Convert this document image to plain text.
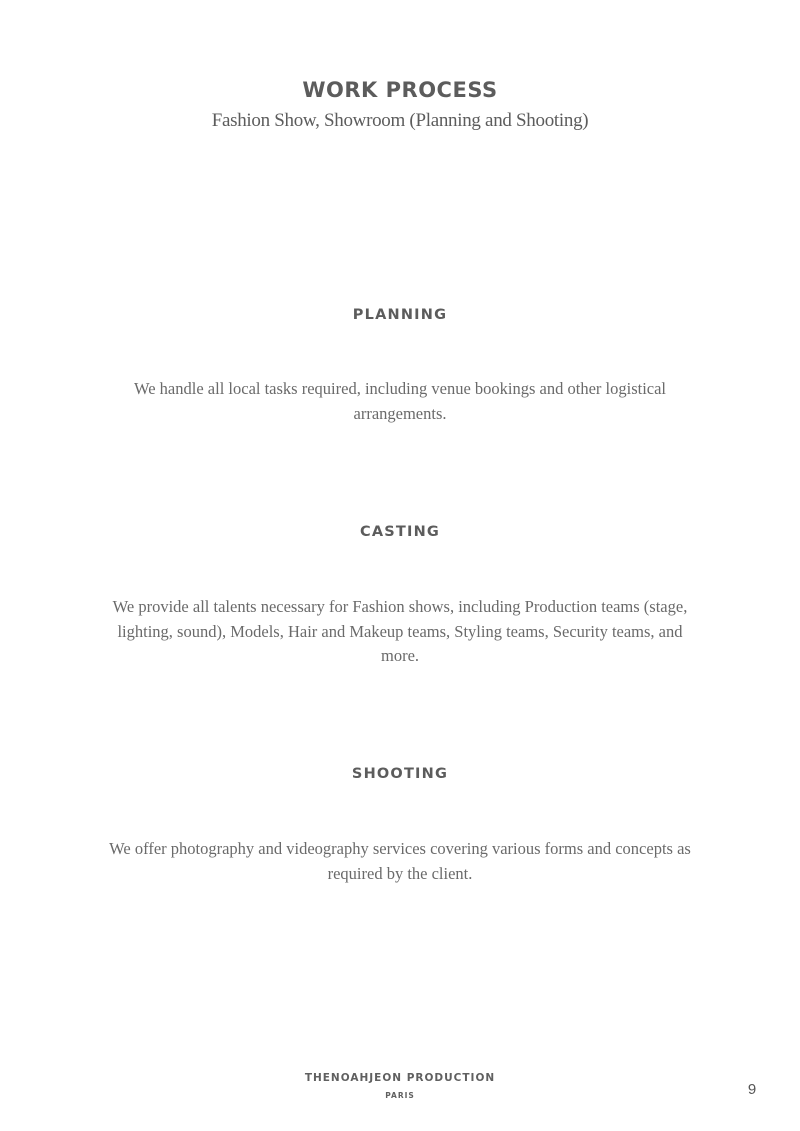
WORK PROCESS
Fashion Show, Showroom (Planning and Shooting)
PLANNING
We handle all local tasks required, including venue bookings and other logistical arrangements.
CASTING
We provide all talents necessary for Fashion shows, including Production teams (stage, lighting, sound), Models, Hair and Makeup teams, Styling teams, Security teams, and more.
SHOOTING
We offer photography and videography services covering various forms and concepts as required by the client.
THENOAHJEON PRODUCTION
PARIS	9
